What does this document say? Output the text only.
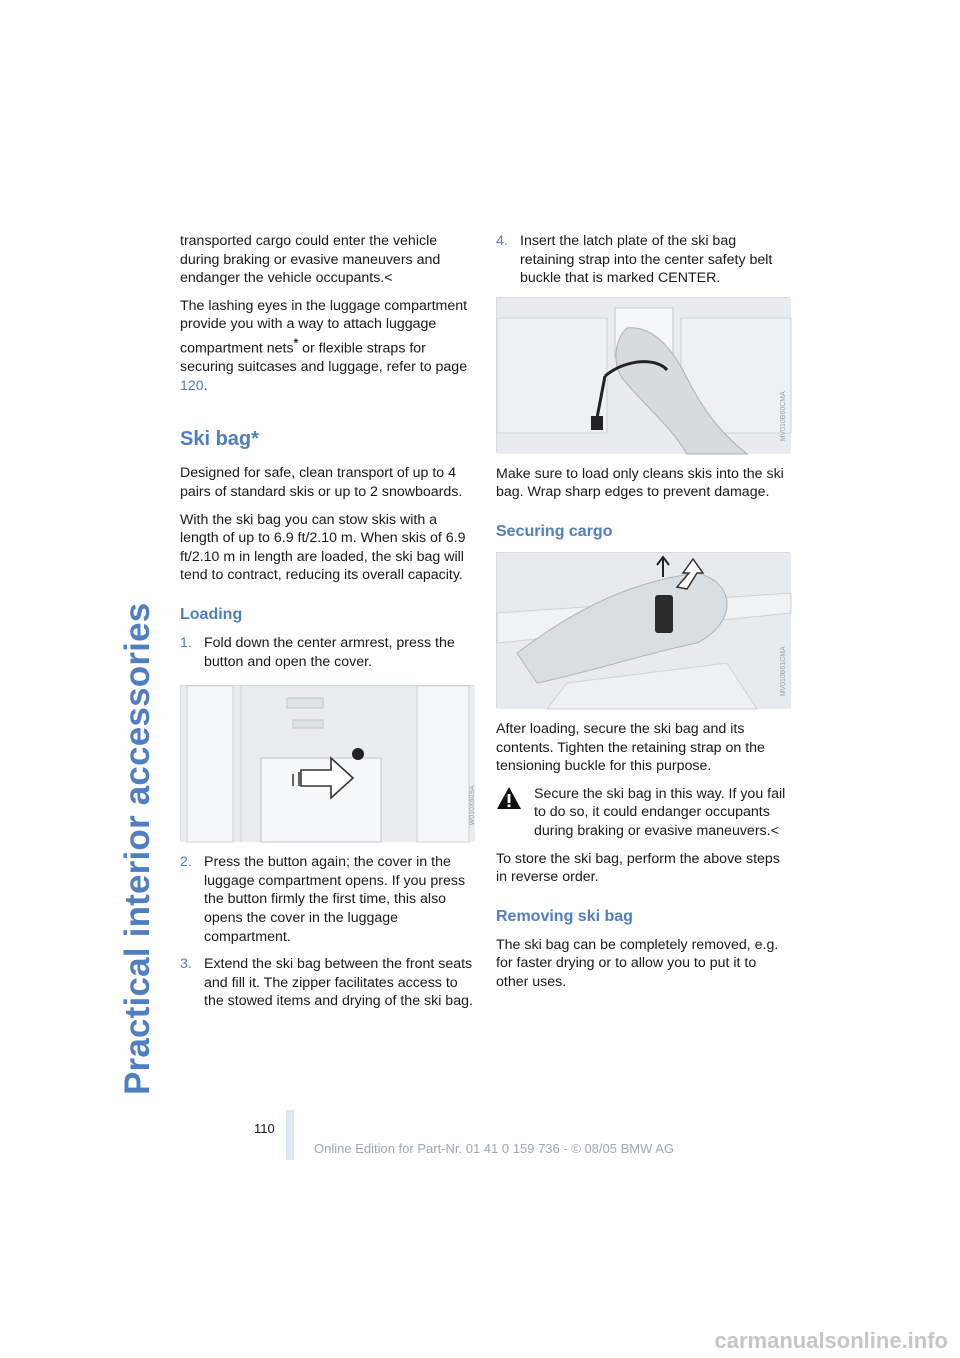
Practical interior accessories

transported cargo could enter the vehicle during braking or evasive maneuvers and endanger the vehicle occupants.<

The lashing eyes in the luggage compartment provide you with a way to attach luggage compartment nets* or flexible straps for securing suitcases and luggage, refer to page 120.

Ski bag*

Designed for safe, clean transport of up to 4 pairs of standard skis or up to 2 snowboards.

With the ski bag you can stow skis with a length of up to 6.9 ft/2.10 m. When skis of 6.9 ft/2.10 m in length are loaded, the ski bag will tend to contract, reducing its overall capacity.

Loading
1. Fold down the center armrest, press the button and open the cover.
W010X60SA
2. Press the button again; the cover in the luggage compartment opens. If you press the button firmly the first time, this also opens the cover in the luggage compartment.
3. Extend the ski bag between the front seats and fill it. The zipper facilitates access to the stowed items and drying of the ski bag.
4. Insert the latch plate of the ski bag retaining strap into the center safety belt buckle that is marked CENTER.
MV010B60CMA

Make sure to load only cleans skis into the ski bag. Wrap sharp edges to prevent damage.

Securing cargo
MV010B61CMA

After loading, secure the ski bag and its contents. Tighten the retaining strap on the tensioning buckle for this purpose.

Secure the ski bag in this way. If you fail to do so, it could endanger occupants during braking or evasive maneuvers.<

To store the ski bag, perform the above steps in reverse order.

Removing ski bag

The ski bag can be completely removed, e.g. for faster drying or to allow you to put it to other uses.

110
Online Edition for Part-Nr. 01 41 0 159 736 - © 08/05 BMW AG
carmanualsonline.info
